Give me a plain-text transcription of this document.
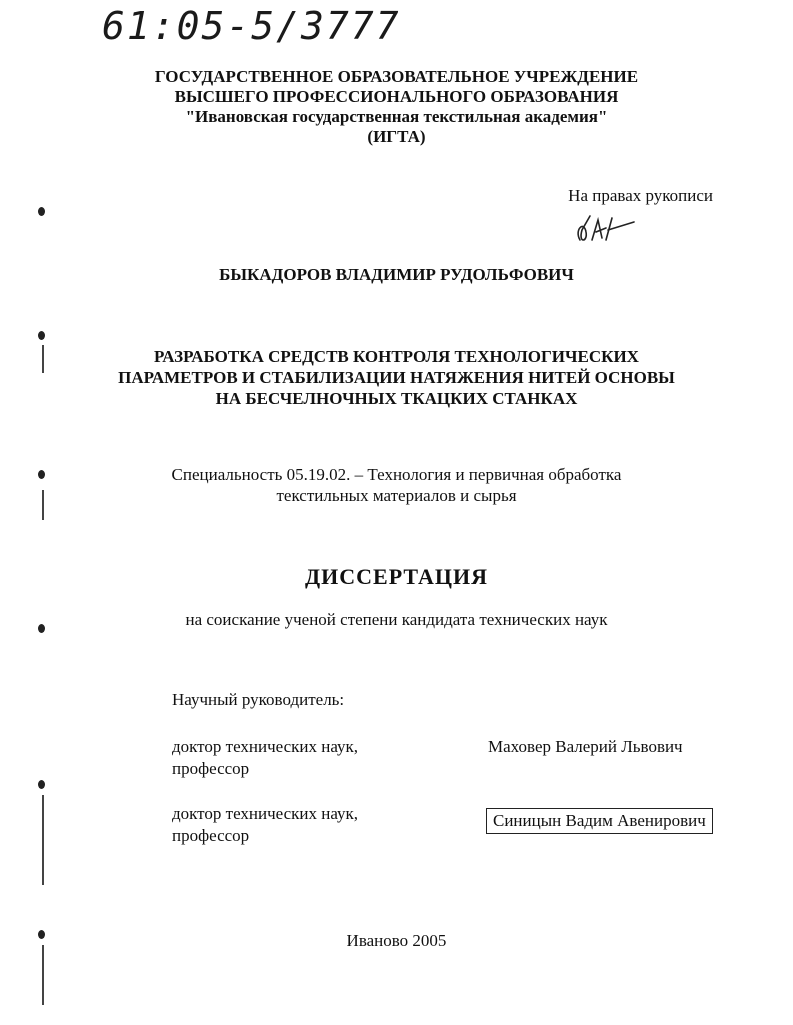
61:05-5/3777
ГОСУДАРСТВЕННОЕ ОБРАЗОВАТЕЛЬНОЕ УЧРЕЖДЕНИЕ
ВЫСШЕГО ПРОФЕССИОНАЛЬНОГО ОБРАЗОВАНИЯ
"Ивановская государственная текстильная академия"
(ИГТА)
На правах рукописи
БЫКАДОРОВ ВЛАДИМИР РУДОЛЬФОВИЧ
РАЗРАБОТКА СРЕДСТВ КОНТРОЛЯ ТЕХНОЛОГИЧЕСКИХ
ПАРАМЕТРОВ И СТАБИЛИЗАЦИИ НАТЯЖЕНИЯ НИТЕЙ ОСНОВЫ
НА БЕСЧЕЛНОЧНЫХ ТКАЦКИХ СТАНКАХ
Специальность 05.19.02. – Технология и первичная обработка
текстильных материалов и сырья
ДИССЕРТАЦИЯ
на соискание ученой степени кандидата технических наук
Научный руководитель:
доктор технических наук,
профессор
Маховер Валерий Львович
доктор технических наук,
профессор
Синицын Вадим Авенирович
Иваново 2005
